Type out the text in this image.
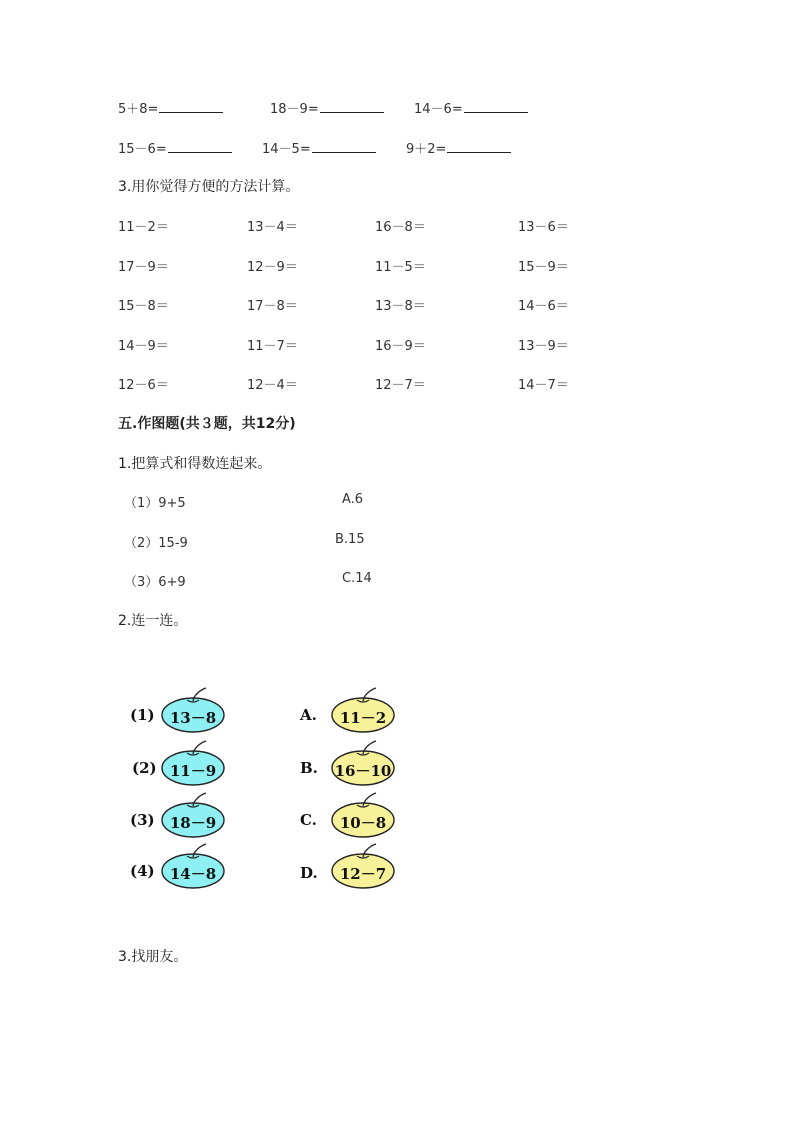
5＋8=	18－9=	14－6=
15－6=	14－5=	9＋2=
3.用你觉得方便的方法计算。
11－2＝	13－4＝	16－8＝	13－6＝
17－9＝	12－9＝	11－5＝	15－9＝
15－8＝	17－8＝	13－8＝	14－6＝
14－9＝	11－7＝	16－9＝	13－9＝
12－6＝	12－4＝	12－7＝	14－7＝
五.作图题(共３题，共12分)
1.把算式和得数连起来。
（1）9+5	A.6
（2）15-9	B.15
（3）6+9	C.14
2.连一连。
(1)	13－8	A.	11－2
(2) 11－9	B.	16－10
(3)	18－9	C.	10－8
(4)	14－8	D.	12－7
3.找朋友。
